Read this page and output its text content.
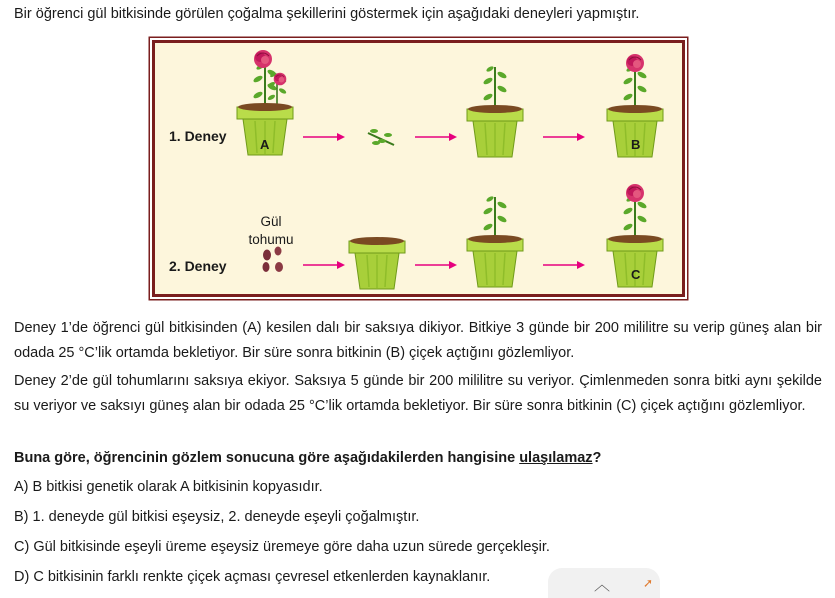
Bir öğrenci gül bitkisinde görülen çoğalma şekillerini göstermek için aşağıdaki deneyleri yapmıştır.
1. Deney
2. Deney
A	B
C
Gül
tohumu
Deney 1’de öğrenci gül bitkisinden (A) kesilen dalı bir saksıya dikiyor. Bitkiye 3 günde bir 200 mililitre su verip güneş alan bir odada 25 °C’lik ortamda bekletiyor. Bir süre sonra bitkinin (B) çiçek açtığını gözlemliyor.
Deney 2’de gül tohumlarını saksıya ekiyor. Saksıya 5 günde bir 200 mililitre su veriyor. Çimlenmeden sonra bitki aynı şekilde su veriyor ve saksıyı güneş alan bir odada 25 °C’lik ortamda bekletiyor. Bir süre sonra bitkinin (C) çiçek açtığını gözlemliyor.
Buna göre, öğrencinin gözlem sonucuna göre aşağıdakilerden hangisine ulaşılamaz?
A) B bitkisi genetik olarak A bitkisinin kopyasıdır.
B) 1. deneyde gül bitkisi eşeysiz, 2. deneyde eşeyli çoğalmıştır.
C) Gül bitkisinde eşeyli üreme eşeysiz üremeye göre daha uzun sürede gerçekleşir.
D) C bitkisinin farklı renkte çiçek açması çevresel etkenlerden kaynaklanır.	︿	➚
